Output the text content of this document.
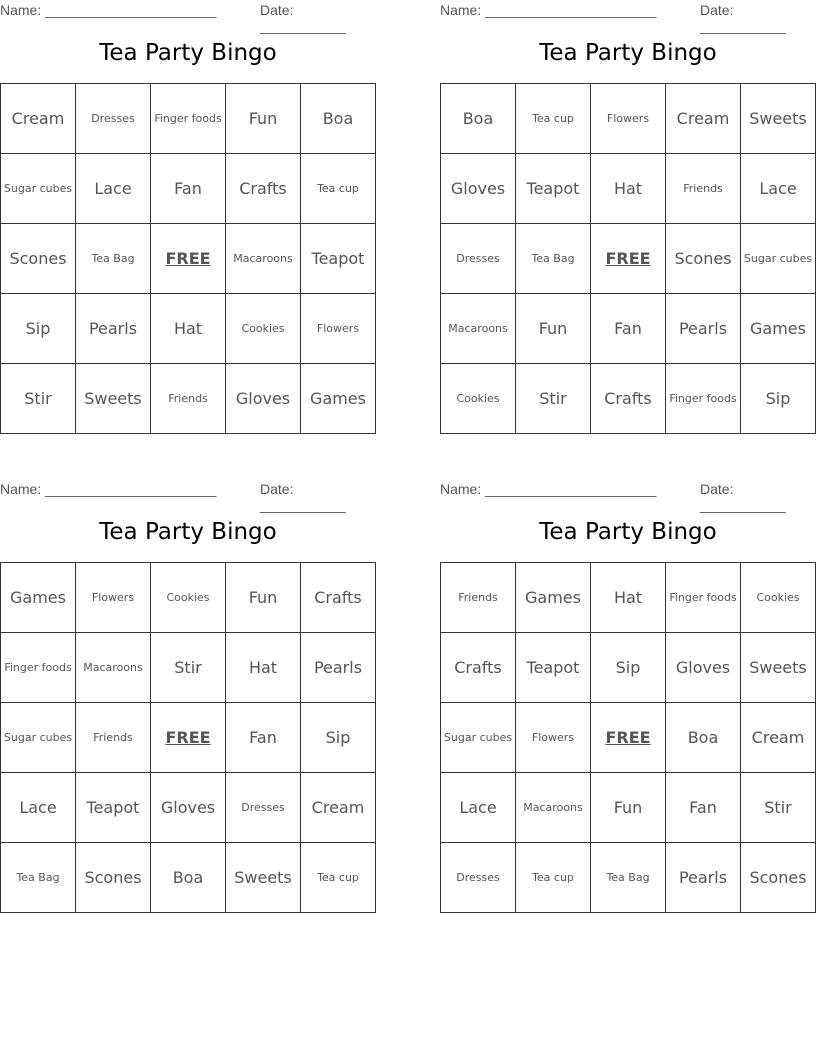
Name: ______________________	Date: ___________
Tea Party Bingo
Cream	Dresses	Finger foods	Fun	Boa
Sugar cubes	Lace	Fan	Crafts	Tea cup
Scones	Tea Bag	FREE	Macaroons	Teapot
Sip	Pearls	Hat	Cookies	Flowers
Stir	Sweets	Friends	Gloves	Games
Name: ______________________	Date: ___________
Tea Party Bingo
Boa	Tea cup	Flowers	Cream	Sweets
Gloves	Teapot	Hat	Friends	Lace
Dresses	Tea Bag	FREE	Scones	Sugar cubes
Macaroons	Fun	Fan	Pearls	Games
Cookies	Stir	Crafts	Finger foods	Sip
Name: ______________________	Date: ___________
Tea Party Bingo
Games	Flowers	Cookies	Fun	Crafts
Finger foods	Macaroons	Stir	Hat	Pearls
Sugar cubes	Friends	FREE	Fan	Sip
Lace	Teapot	Gloves	Dresses	Cream
Tea Bag	Scones	Boa	Sweets	Tea cup
Name: ______________________	Date: ___________
Tea Party Bingo
Friends	Games	Hat	Finger foods	Cookies
Crafts	Teapot	Sip	Gloves	Sweets
Sugar cubes	Flowers	FREE	Boa	Cream
Lace	Macaroons	Fun	Fan	Stir
Dresses	Tea cup	Tea Bag	Pearls	Scones
